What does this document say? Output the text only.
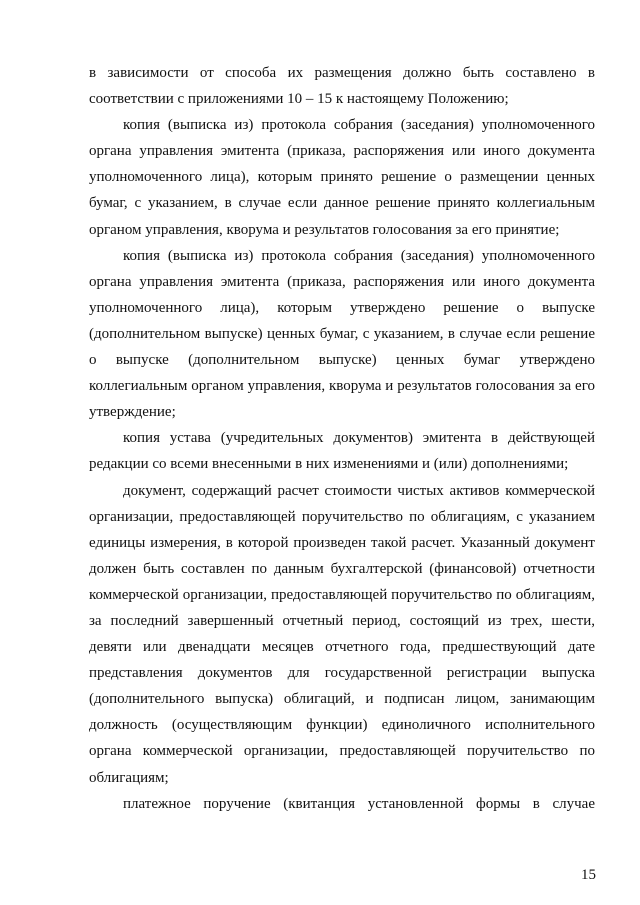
в зависимости от способа их размещения должно быть составлено в соответствии с приложениями 10 – 15 к настоящему Положению;

копия (выписка из) протокола собрания (заседания) уполномоченного органа управления эмитента (приказа, распоряжения или иного документа уполномоченного лица), которым принято решение о размещении ценных бумаг, с указанием, в случае если данное решение принято коллегиальным органом управления, кворума и результатов голосования за его принятие;

копия (выписка из) протокола собрания (заседания) уполномоченного органа управления эмитента (приказа, распоряжения или иного документа уполномоченного лица), которым утверждено решение о выпуске (дополнительном выпуске) ценных бумаг, с указанием, в случае если решение о выпуске (дополнительном выпуске) ценных бумаг утверждено коллегиальным органом управления, кворума и результатов голосования за его утверждение;

копия устава (учредительных документов) эмитента в действующей редакции со всеми внесенными в них изменениями и (или) дополнениями;

документ, содержащий расчет стоимости чистых активов коммерческой организации, предоставляющей поручительство по облигациям, с указанием единицы измерения, в которой произведен такой расчет. Указанный документ должен быть составлен по данным бухгалтерской (финансовой) отчетности коммерческой организации, предоставляющей поручительство по облигациям, за последний завершенный отчетный период, состоящий из трех, шести, девяти или двенадцати месяцев отчетного года, предшествующий дате представления документов для государственной регистрации выпуска (дополнительного выпуска) облигаций, и подписан лицом, занимающим должность (осуществляющим функции) единоличного исполнительного органа коммерческой организации, предоставляющей поручительство по облигациям;

платежное поручение (квитанция установленной формы в случае

15
